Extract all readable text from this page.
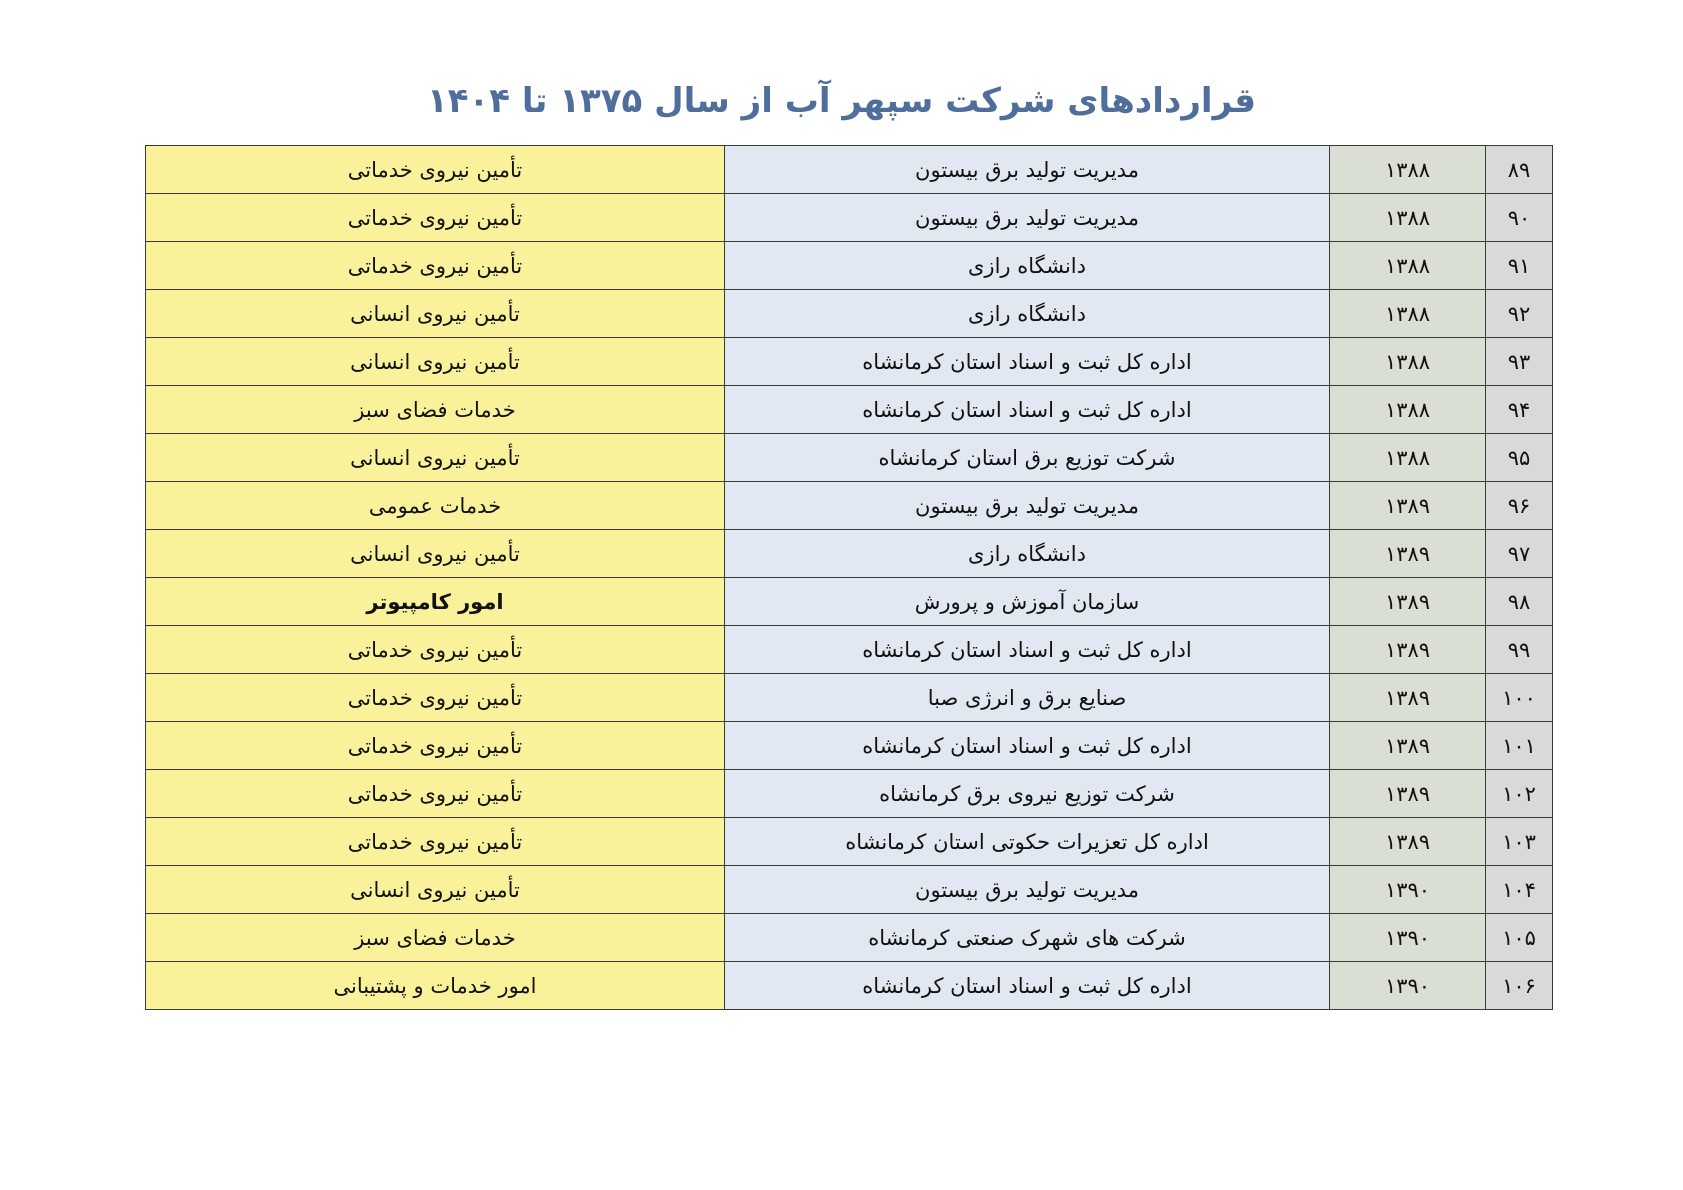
قراردادهای شرکت سپهر آب از سال ۱۳۷۵ تا ۱۴۰۴
۸۹	۱۳۸۸	مدیریت تولید برق بیستون	تأمین نیروی خدماتی
۹۰	۱۳۸۸	مدیریت تولید برق بیستون	تأمین نیروی خدماتی
۹۱	۱۳۸۸	دانشگاه رازی	تأمین نیروی خدماتی
۹۲	۱۳۸۸	دانشگاه رازی	تأمین نیروی انسانی
۹۳	۱۳۸۸	اداره کل ثبت و اسناد استان کرمانشاه	تأمین نیروی انسانی
۹۴	۱۳۸۸	اداره کل ثبت و اسناد استان کرمانشاه	خدمات فضای سبز
۹۵	۱۳۸۸	شرکت توزیع برق استان کرمانشاه	تأمین نیروی انسانی
۹۶	۱۳۸۹	مدیریت تولید برق بیستون	خدمات عمومی
۹۷	۱۳۸۹	دانشگاه رازی	تأمین نیروی انسانی
۹۸	۱۳۸۹	سازمان آموزش و پرورش	امور کامپیوتر
۹۹	۱۳۸۹	اداره کل ثبت و اسناد استان کرمانشاه	تأمین نیروی خدماتی
۱۰۰	۱۳۸۹	صنایع برق و انرژی صبا	تأمین نیروی خدماتی
۱۰۱	۱۳۸۹	اداره کل ثبت و اسناد استان کرمانشاه	تأمین نیروی خدماتی
۱۰۲	۱۳۸۹	شرکت توزیع نیروی برق کرمانشاه	تأمین نیروی خدماتی
۱۰۳	۱۳۸۹	اداره کل تعزیرات حکوتی استان کرمانشاه	تأمین نیروی خدماتی
۱۰۴	۱۳۹۰	مدیریت تولید برق بیستون	تأمین نیروی انسانی
۱۰۵	۱۳۹۰	شرکت های شهرک صنعتی کرمانشاه	خدمات فضای سبز
۱۰۶	۱۳۹۰	اداره کل ثبت و اسناد استان کرمانشاه	امور خدمات و پشتیبانی
